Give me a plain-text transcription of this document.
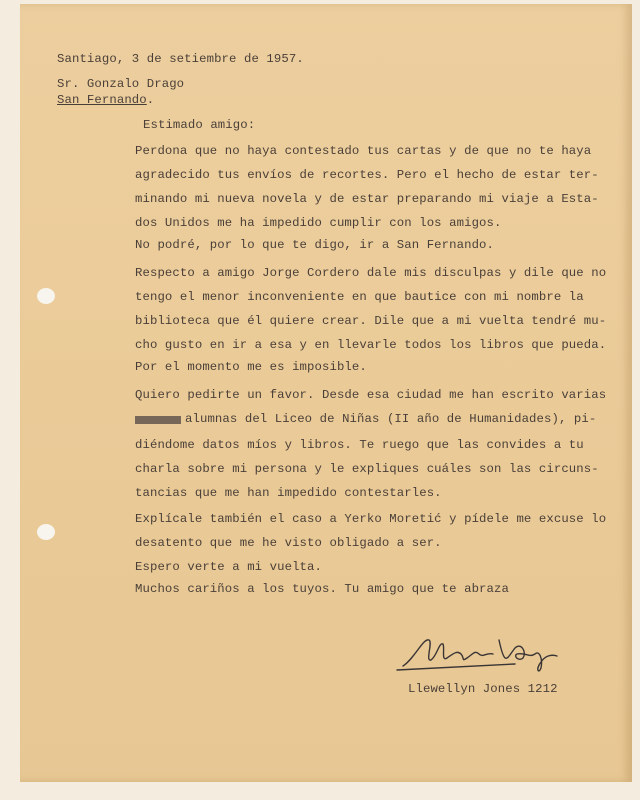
Santiago, 3 de setiembre de 1957.
Sr. Gonzalo Drago
San Fernando.
Estimado amigo:
Perdona que no haya contestado tus cartas y de que no te haya
agradecido tus envíos de recortes. Pero el hecho de estar ter-
minando mi nueva novela y de estar preparando mi viaje a Esta-
dos Unidos me ha impedido cumplir con los amigos.
No podré, por lo que te digo, ir a San Fernando.
Respecto a amigo Jorge Cordero dale mis disculpas y dile que no
tengo el menor inconveniente en que bautice con mi nombre la
biblioteca que él quiere crear. Dile que a mi vuelta tendré mu-
cho gusto en ir a esa y en llevarle todos los libros que pueda.
Por el momento me es imposible.
Quiero pedirte un favor. Desde esa ciudad me han escrito varias
alumnas del Liceo de Niñas (II año de Humanidades), pi-
diéndome datos míos y libros. Te ruego que las convides a tu
charla sobre mi persona y le expliques cuáles son las circuns-
tancias que me han impedido contestarles.
Explícale también el caso a Yerko Moretić y pídele me excuse lo
desatento que me he visto obligado a ser.
Espero verte a mi vuelta.
Muchos cariños a los tuyos. Tu amigo que te abraza
Llewellyn Jones 1212
